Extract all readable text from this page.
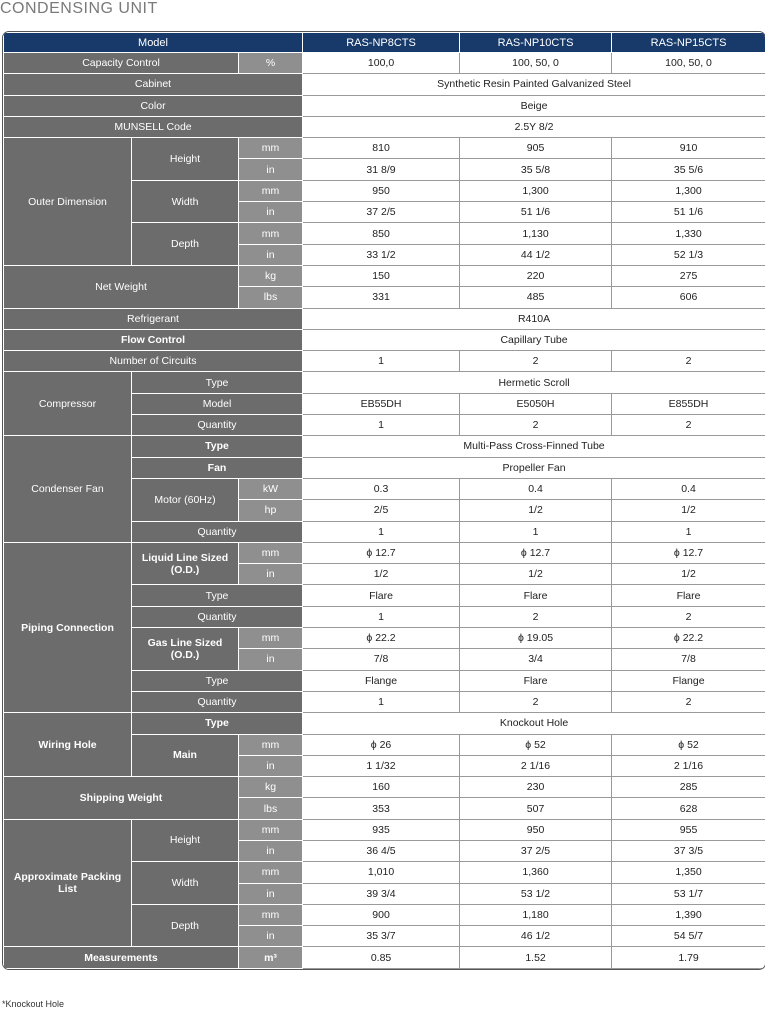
CONDENSING UNIT
Model			RAS-NP8CTS	RAS-NP10CTS	RAS-NP15CTS
Capacity Control		%	100,0	100, 50, 0	100, 50, 0
Cabinet			Synthetic Resin Painted Galvanized Steel		
Color			Beige		
MUNSELL Code			2.5Y 8/2		
Outer Dimension	Height	mm	810	905	910
		in	31 8/9	35 5/8	35 5/6
	Width	mm	950	1,300	1,300
		in	37 2/5	51 1/6	51 1/6
	Depth	mm	850	1,130	1,330
		in	33 1/2	44 1/2	52 1/3
Net Weight		kg	150	220	275
		lbs	331	485	606
Refrigerant			R410A		
Flow Control			Capillary Tube		
Number of Circuits			1	2	2
Compressor	Type		Hermetic Scroll		
	Model		EB55DH	E5050H	E855DH
	Quantity		1	2	2
Condenser Fan	Type		Multi-Pass Cross-Finned Tube		
	Fan		Propeller Fan		
	Motor (60Hz)	kW	0.3	0.4	0.4
		hp	2/5	1/2	1/2
	Quantity		1	1	1
Piping Connection	Liquid Line Sized (O.D.)	mm	ϕ 12.7	ϕ 12.7	ϕ 12.7
		in	1/2	1/2	1/2
	Type		Flare	Flare	Flare
	Quantity		1	2	2
	Gas Line Sized (O.D.)	mm	ϕ 22.2	ϕ 19.05	ϕ 22.2
		in	7/8	3/4	7/8
	Type		Flange	Flare	Flange
	Quantity		1	2	2
Wiring Hole	Type		Knockout Hole		
	Main	mm	ϕ 26	ϕ 52	ϕ 52
		in	1 1/32	2 1/16	2 1/16
Shipping Weight		kg	160	230	285
		lbs	353	507	628
Approximate Packing List	Height	mm	935	950	955
		in	36 4/5	37 2/5	37 3/5
	Width	mm	1,010	1,360	1,350
		in	39 3/4	53 1/2	53 1/7
	Depth	mm	900	1,180	1,390
		in	35 3/7	46 1/2	54 5/7
Measurements		m³	0.85	1.52	1.79
*Knockout Hole
